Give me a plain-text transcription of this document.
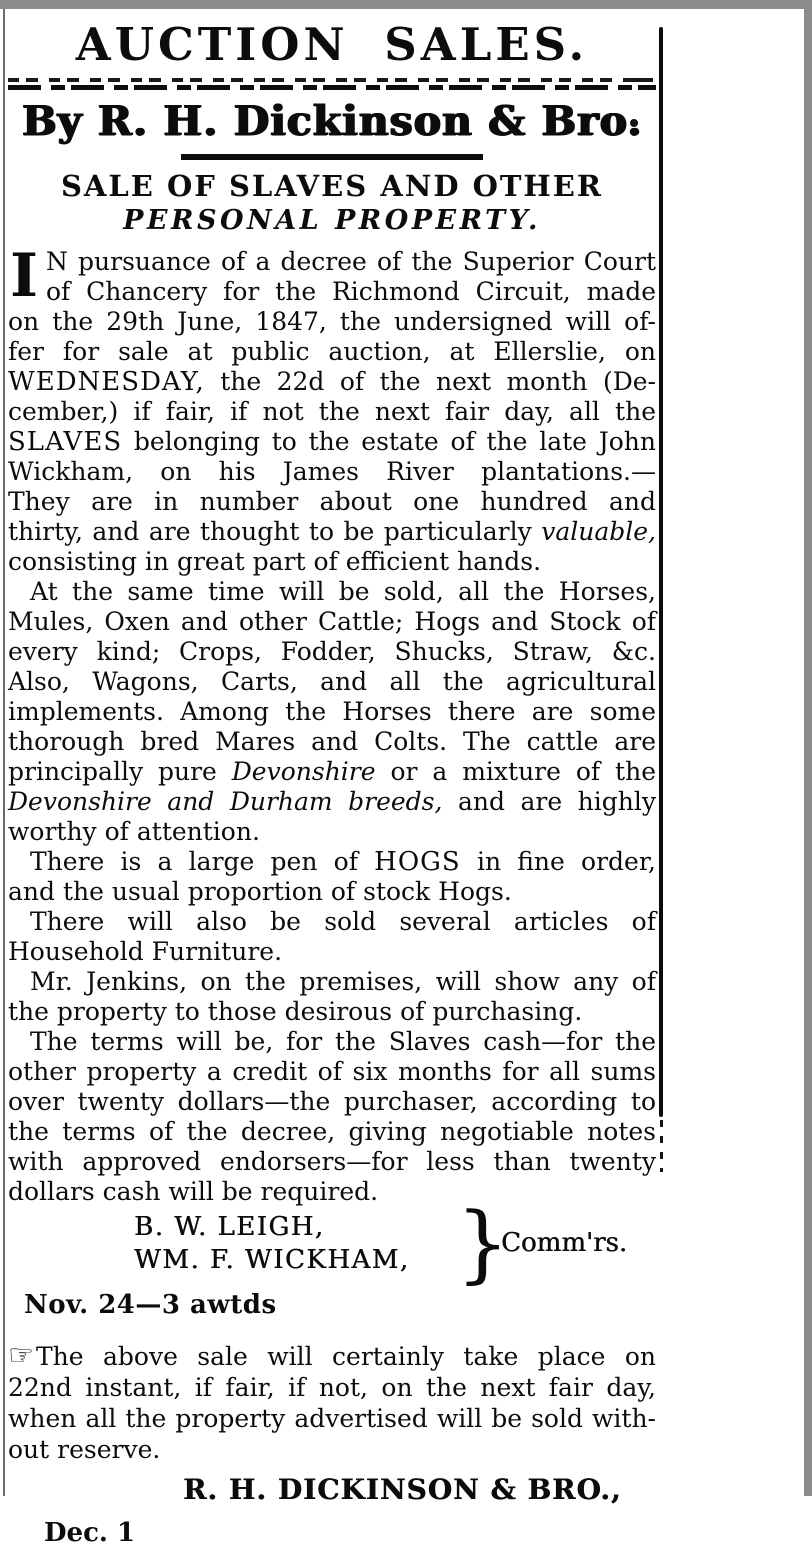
AUCTION SALES.
By R. H. Dickinson & Bro.
SALE OF SLAVES AND OTHER
PERSONAL PROPERTY.
I N pursuance of a decree of the Superior Court
of Chancery for the Richmond Circuit, made
on the 29th June, 1847, the undersigned will of-
fer for sale at public auction, at Ellerslie, on
WEDNESDAY, the 22d of the next month (De-
cember,) if fair, if not the next fair day, all the
SLAVES belonging to the estate of the late John
Wickham, on his James River plantations.—
They are in number about one hundred and
thirty, and are thought to be particularly valuable,
consisting in great part of efficient hands.
At the same time will be sold, all the Horses,
Mules, Oxen and other Cattle; Hogs and Stock of
every kind; Crops, Fodder, Shucks, Straw, &c.
Also, Wagons, Carts, and all the agricultural
implements. Among the Horses there are some
thorough bred Mares and Colts. The cattle are
principally pure Devonshire or a mixture of the
Devonshire and Durham breeds, and are highly
worthy of attention.
There is a large pen of HOGS in fine order,
and the usual proportion of stock Hogs.
There will also be sold several articles of
Household Furniture.
Mr. Jenkins, on the premises, will show any of
the property to those desirous of purchasing.
The terms will be, for the Slaves cash—for the
other property a credit of six months for all sums
over twenty dollars—the purchaser, according to
the terms of the decree, giving negotiable notes
with approved endorsers—for less than twenty
dollars cash will be required.
B. W. LEIGH,
WM. F. WICKHAM, }
Comm'rs.
Nov. 24—3 awtds
☞The above sale will certainly take place on
22nd instant, if fair, if not, on the next fair day,
when all the property advertised will be sold with-
out reserve.
R. H. DICKINSON & BRO.,
Dec. 1
